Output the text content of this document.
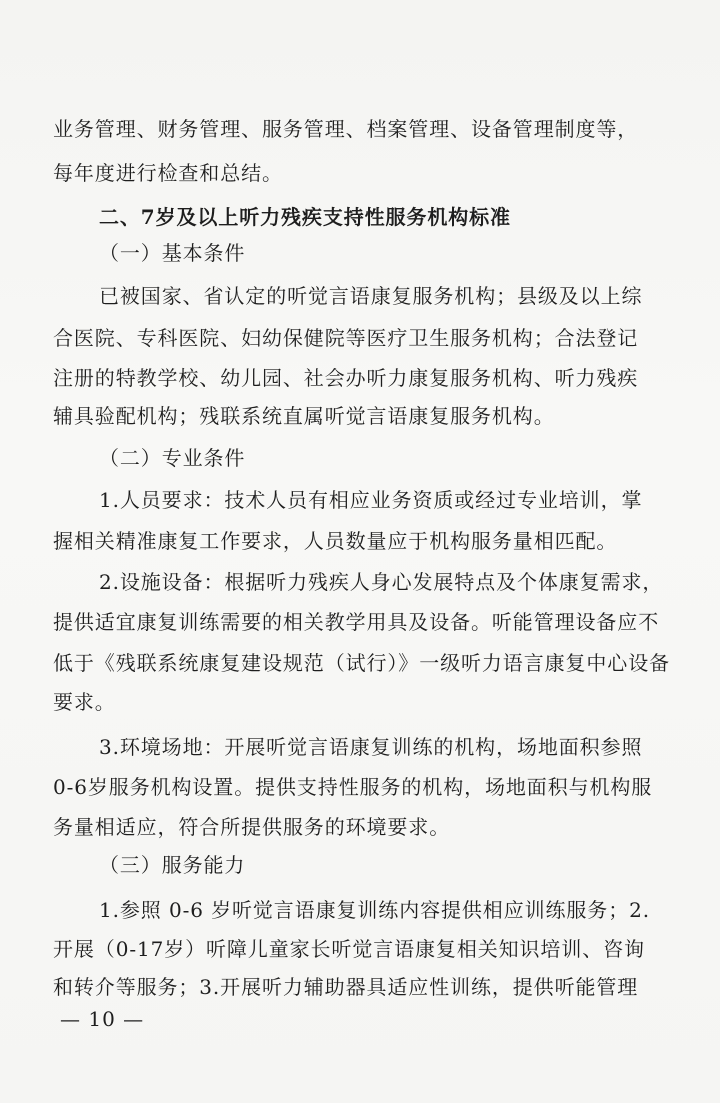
业务管理、财务管理、服务管理、档案管理、设备管理制度等，
每年度进行检查和总结。
二、7岁及以上听力残疾支持性服务机构标准
（一）基本条件
已被国家、省认定的听觉言语康复服务机构；县级及以上综
合医院、专科医院、妇幼保健院等医疗卫生服务机构；合法登记
注册的特教学校、幼儿园、社会办听力康复服务机构、听力残疾
辅具验配机构；残联系统直属听觉言语康复服务机构。
（二）专业条件
1.人员要求：技术人员有相应业务资质或经过专业培训，掌
握相关精准康复工作要求，人员数量应于机构服务量相匹配。
2.设施设备：根据听力残疾人身心发展特点及个体康复需求，
提供适宜康复训练需要的相关教学用具及设备。听能管理设备应不
低于《残联系统康复建设规范（试行）》一级听力语言康复中心设备
要求。
3.环境场地：开展听觉言语康复训练的机构，场地面积参照
0-6岁服务机构设置。提供支持性服务的机构，场地面积与机构服
务量相适应，符合所提供服务的环境要求。
（三）服务能力
1.参照 0-6 岁听觉言语康复训练内容提供相应训练服务；2.
开展（0-17岁）听障儿童家长听觉言语康复相关知识培训、咨询
和转介等服务；3.开展听力辅助器具适应性训练，提供听能管理
— 10 —
